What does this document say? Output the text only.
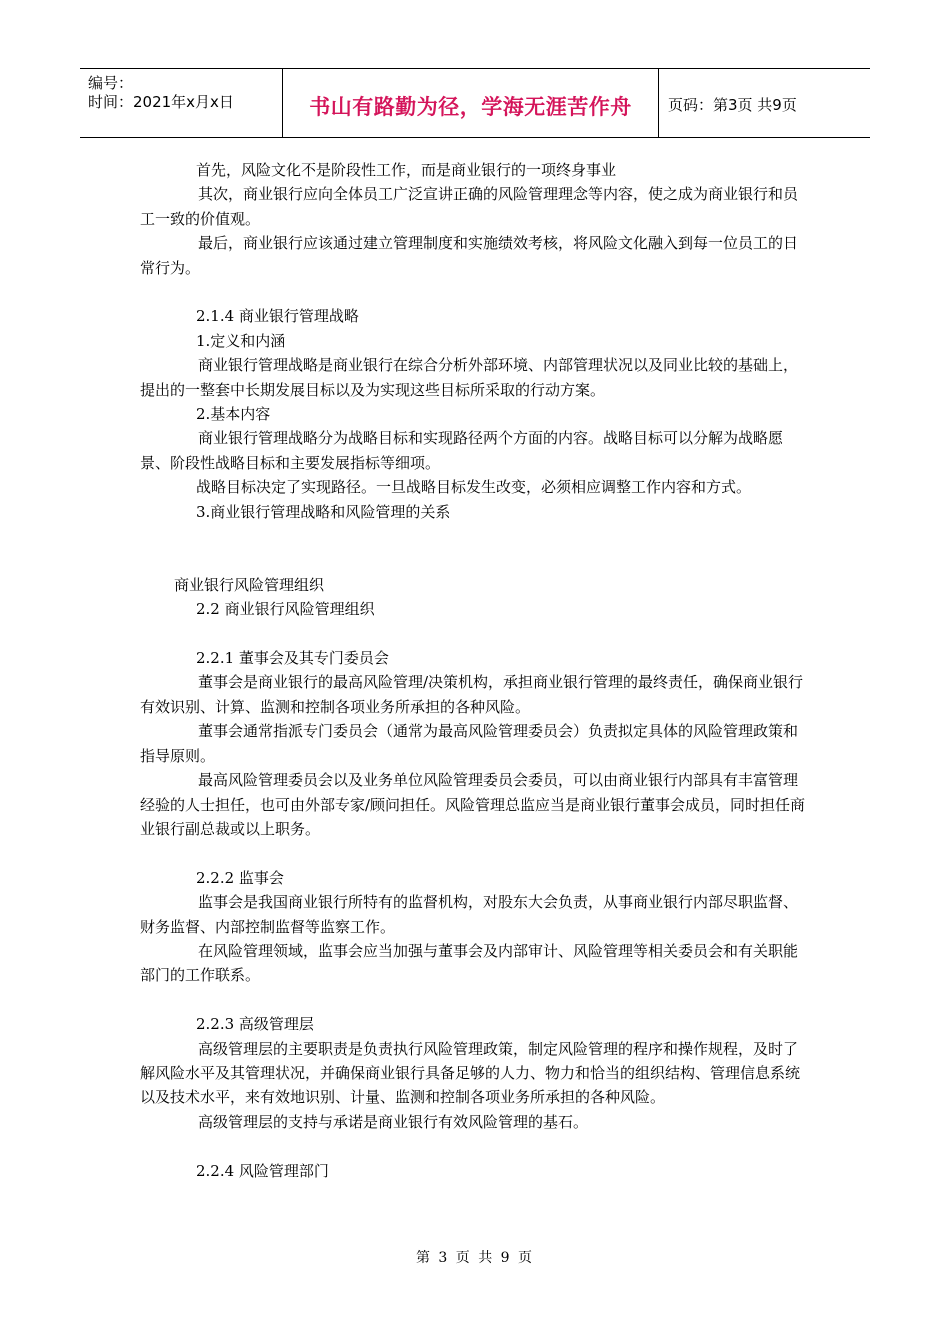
编号：
时间：2021年x月x日	书山有路勤为径，学海无涯苦作舟	页码：第3页 共9页

首先，风险文化不是阶段性工作，而是商业银行的一项终身事业

其次，商业银行应向全体员工广泛宣讲正确的风险管理理念等内容，使之成为商业银行和员工一致的价值观。

最后，商业银行应该通过建立管理制度和实施绩效考核，将风险文化融入到每一位员工的日常行为。

2.1.4 商业银行管理战略

1.定义和内涵

商业银行管理战略是商业银行在综合分析外部环境、内部管理状况以及同业比较的基础上，提出的一整套中长期发展目标以及为实现这些目标所采取的行动方案。

2.基本内容

商业银行管理战略分为战略目标和实现路径两个方面的内容。战略目标可以分解为战略愿景、阶段性战略目标和主要发展指标等细项。

战略目标决定了实现路径。一旦战略目标发生改变，必须相应调整工作内容和方式。

3.商业银行管理战略和风险管理的关系

商业银行风险管理组织

2.2 商业银行风险管理组织

2.2.1 董事会及其专门委员会

董事会是商业银行的最高风险管理/决策机构，承担商业银行管理的最终责任，确保商业银行有效识别、计算、监测和控制各项业务所承担的各种风险。

董事会通常指派专门委员会（通常为最高风险管理委员会）负责拟定具体的风险管理政策和指导原则。

最高风险管理委员会以及业务单位风险管理委员会委员，可以由商业银行内部具有丰富管理经验的人士担任，也可由外部专家/顾问担任。风险管理总监应当是商业银行董事会成员，同时担任商业银行副总裁或以上职务。

2.2.2 监事会

监事会是我国商业银行所特有的监督机构，对股东大会负责，从事商业银行内部尽职监督、财务监督、内部控制监督等监察工作。

在风险管理领域，监事会应当加强与董事会及内部审计、风险管理等相关委员会和有关职能部门的工作联系。

2.2.3 高级管理层

高级管理层的主要职责是负责执行风险管理政策，制定风险管理的程序和操作规程，及时了解风险水平及其管理状况，并确保商业银行具备足够的人力、物力和恰当的组织结构、管理信息系统以及技术水平，来有效地识别、计量、监测和控制各项业务所承担的各种风险。

高级管理层的支持与承诺是商业银行有效风险管理的基石。

2.2.4 风险管理部门

第 3 页 共 9 页
